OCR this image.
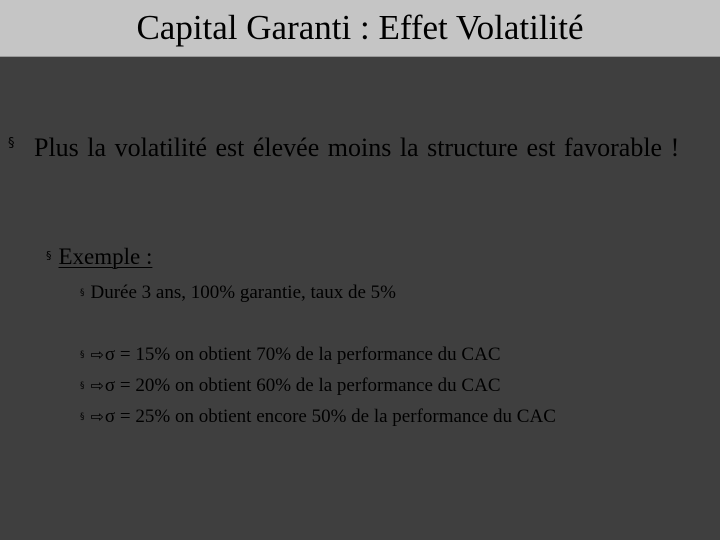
Capital Garanti : Effet Volatilité
§ Plus la volatilité est élevée moins la structure est favorable !
§ Exemple :
§ Durée 3 ans, 100% garantie, taux de 5%
§ ⇨σ = 15% on obtient 70% de la performance du CAC
§ ⇨σ = 20% on obtient 60% de la performance du CAC
§ ⇨σ = 25% on obtient encore 50% de la performance du CAC
